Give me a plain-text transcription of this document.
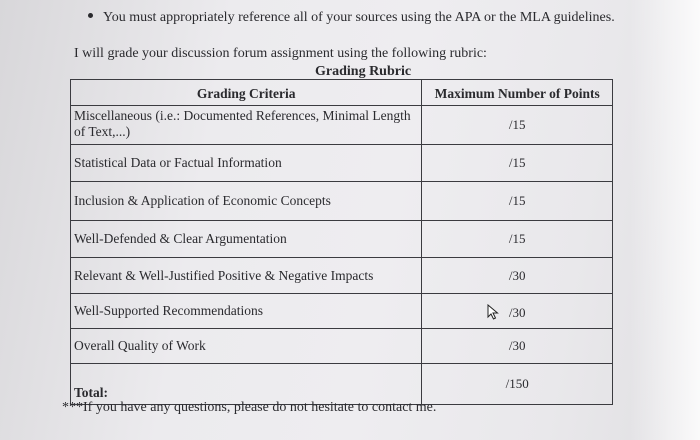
You must appropriately reference all of your sources using the APA or the MLA guidelines.
I will grade your discussion forum assignment using the following rubric:
Grading Rubric
Grading Criteria	Maximum Number of Points
Miscellaneous (i.e.: Documented References, Minimal Length of Text,...)	/15
Statistical Data or Factual Information	/15
Inclusion & Application of Economic Concepts	/15
Well-Defended & Clear Argumentation	/15
Relevant & Well-Justified Positive & Negative Impacts	/30
Well-Supported Recommendations	/30
Overall Quality of Work	/30
Total:	/150
***If you have any questions, please do not hesitate to contact me.
